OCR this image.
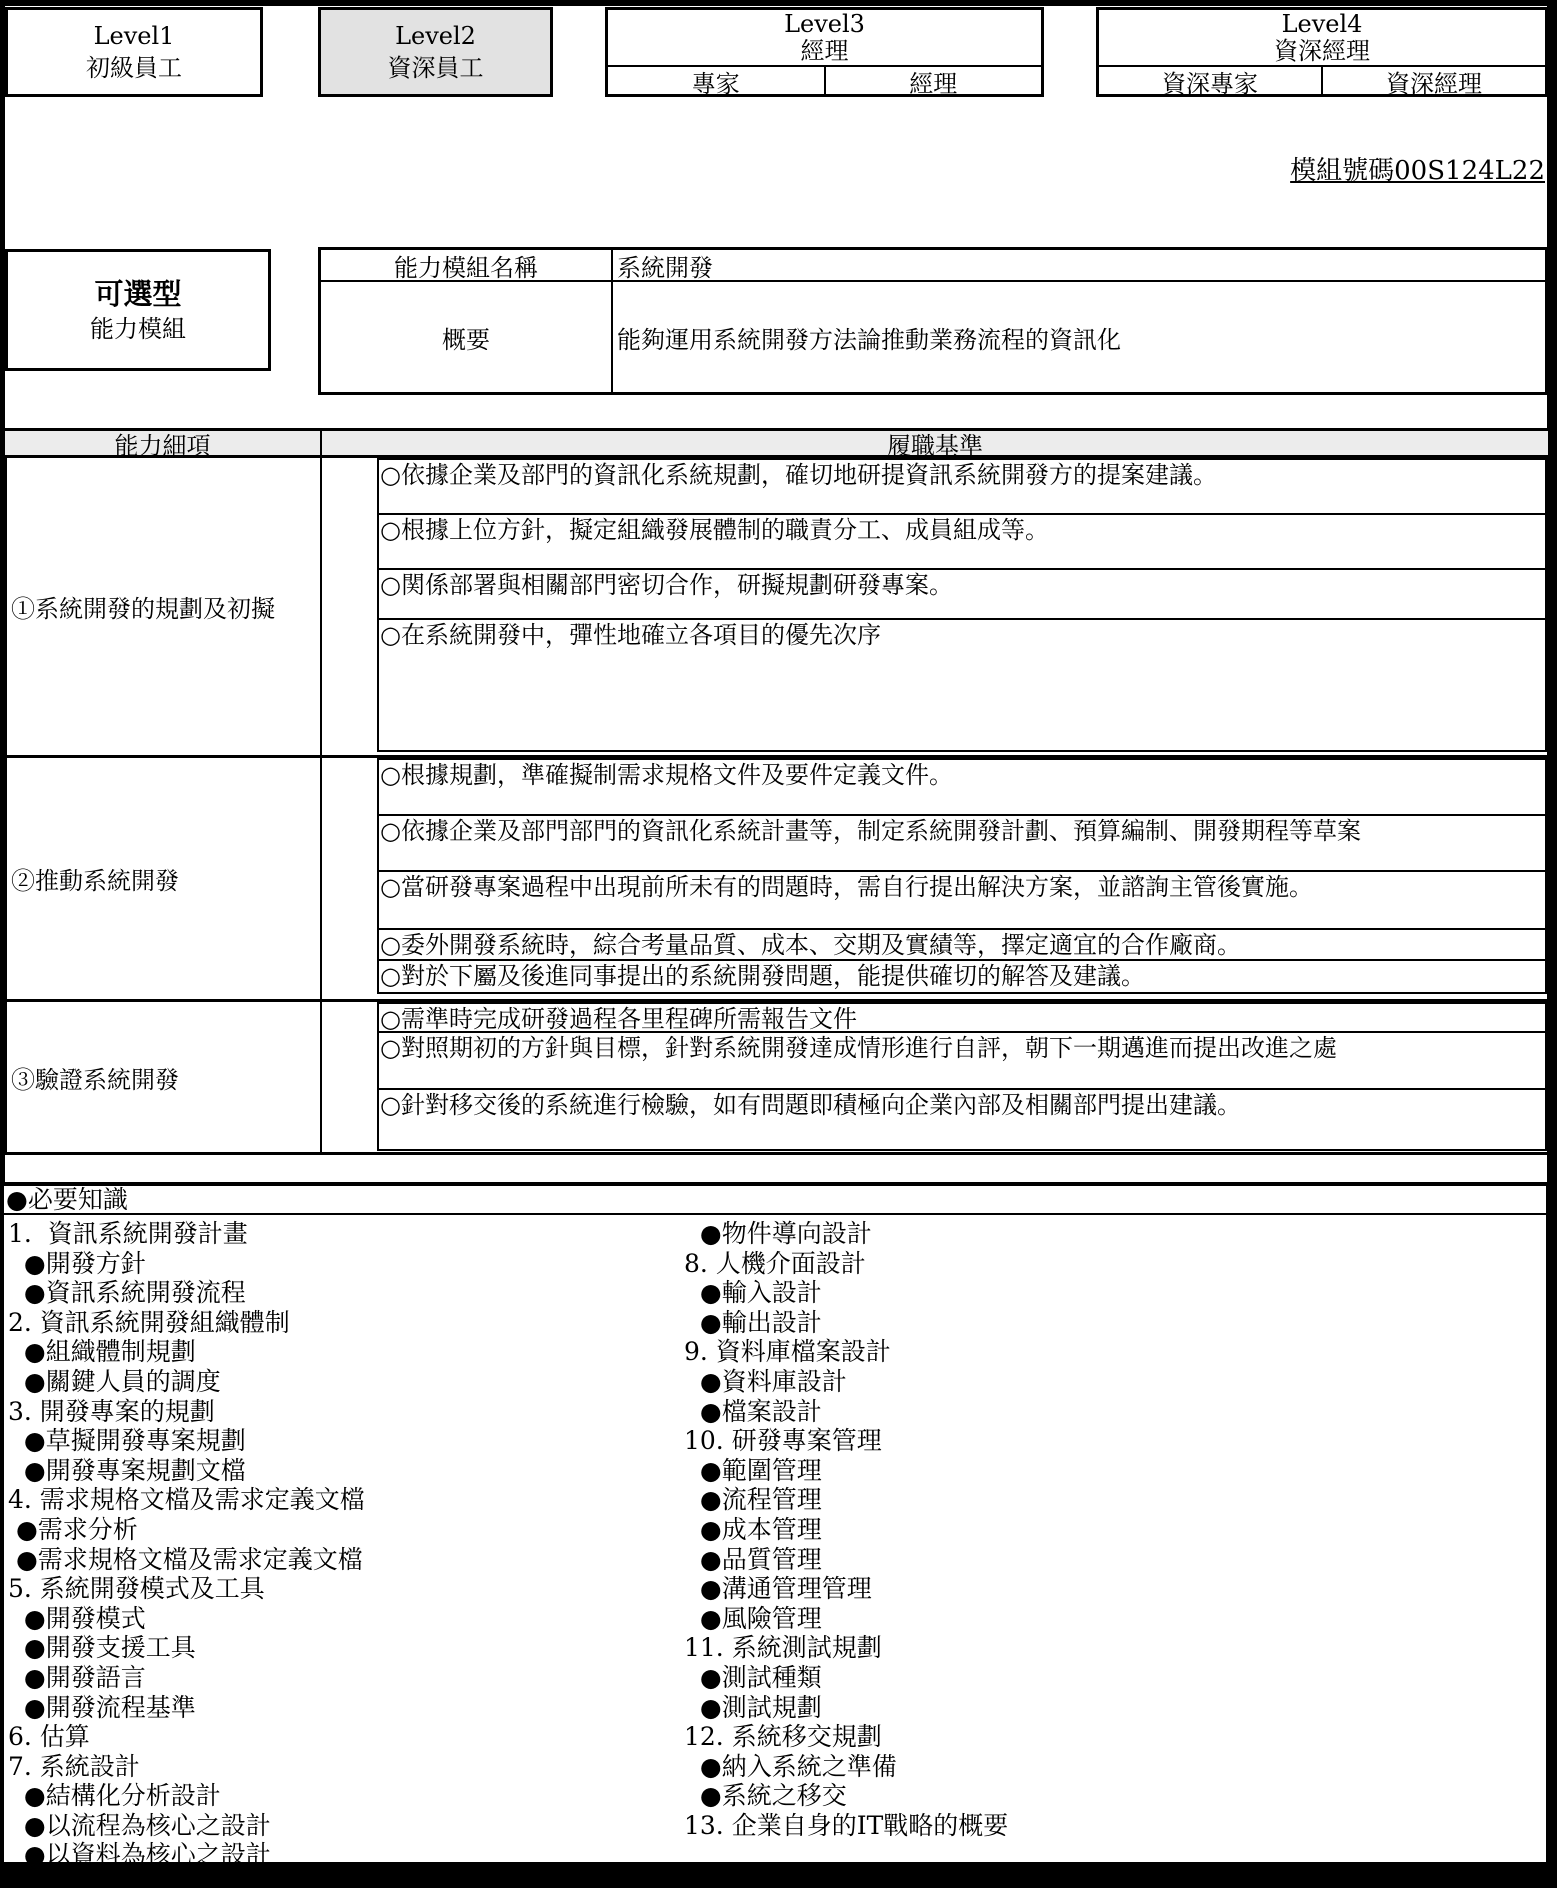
Level1
初級員工
Level2
資深員工
Level3
經理
專家	經理
Level4
資深經理
資深專家	資深經理
模組號碼00S124L22
可選型
能力模組
能力模組名稱	系統開發
概要	能夠運用系統開發方法論推動業務流程的資訊化
能力細項	履職基準
①系統開發的規劃及初擬
○依據企業及部門的資訊化系統規劃，確切地研提資訊系統開發方的提案建議。
○根據上位方針，擬定組織發展體制的職責分工、成員組成等。
○関係部署與相關部門密切合作，研擬規劃研發專案。
○在系統開發中，彈性地確立各項目的優先次序
②推動系統開發
○根據規劃，準確擬制需求規格文件及要件定義文件。
○依據企業及部門部門的資訊化系統計畫等，制定系統開發計劃、預算編制、開發期程等草案
○當研發專案過程中出現前所未有的問題時，需自行提出解決方案，並諮詢主管後實施。
○委外開發系統時，綜合考量品質、成本、交期及實績等，擇定適宜的合作廠商。
○對於下屬及後進同事提出的系統開發問題，能提供確切的解答及建議。
③驗證系統開發
○需準時完成研發過程各里程碑所需報告文件
○對照期初的方針與目標，針對系統開發達成情形進行自評，朝下一期邁進而提出改進之處
○針對移交後的系統進行檢驗，如有問題即積極向企業內部及相關部門提出建議。
●必要知識
1.  資訊系統開發計畫
●開發方針
●資訊系統開發流程
2. 資訊系統開發組織體制
●組織體制規劃
●關鍵人員的調度
3. 開發專案的規劃
●草擬開發專案規劃
●開發專案規劃文檔
4. 需求規格文檔及需求定義文檔
●需求分析
●需求規格文檔及需求定義文檔
5. 系統開發模式及工具
●開發模式
●開發支援工具
●開發語言
●開發流程基準
6. 估算
7. 系統設計
●結構化分析設計
●以流程為核心之設計
●以資料為核心之設計
●物件導向設計
8. 人機介面設計
●輸入設計
●輸出設計
9. 資料庫檔案設計
●資料庫設計
●檔案設計
10. 研發專案管理
●範圍管理
●流程管理
●成本管理
●品質管理
●溝通管理管理
●風險管理
11. 系統測試規劃
●測試種類
●測試規劃
12. 系統移交規劃
●納入系統之準備
●系統之移交
13. 企業自身的IT戰略的概要
